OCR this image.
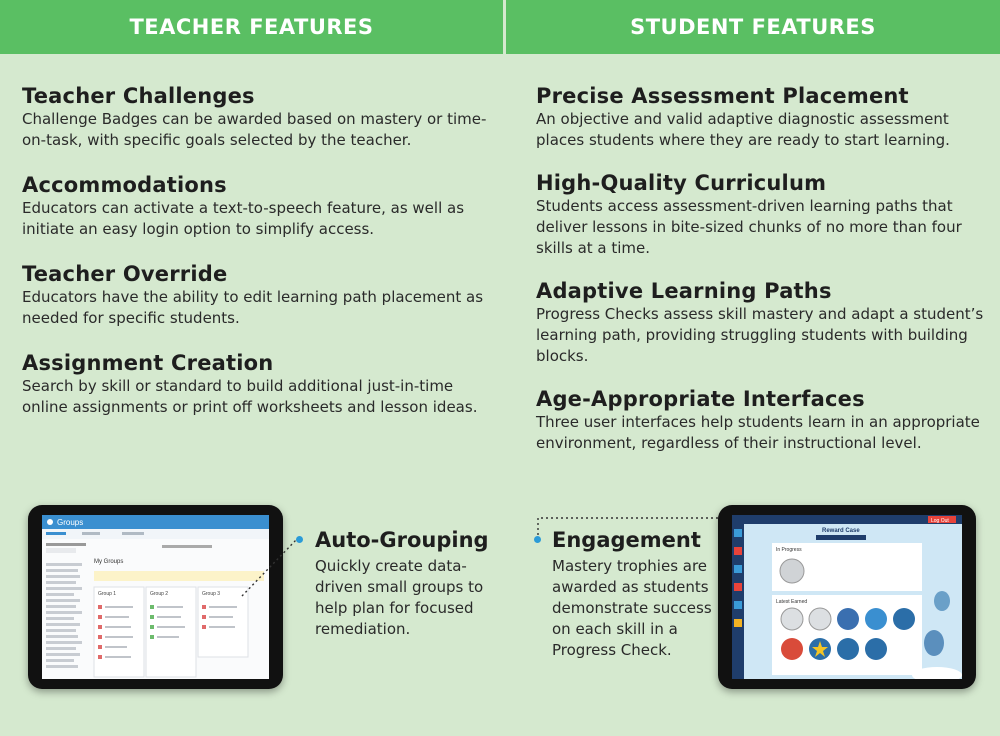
TEACHER FEATURES	STUDENT FEATURES
Teacher Challenges

Challenge Badges can be awarded based on mastery or time-on-task, with specific goals selected by the teacher.

Accommodations

Educators can activate a text-to-speech feature, as well as initiate an easy login option to simplify access.

Teacher Override

Educators have the ability to edit learning path placement as needed for specific students.

Assignment Creation

Search by skill or standard to build additional just-in-time online assignments or print off worksheets and lesson ideas.

Precise Assessment Placement

An objective and valid adaptive diagnostic assessment places students where they are ready to start learning.

High-Quality Curriculum

Students access assessment-driven learning paths that deliver lessons in bite-sized chunks of no more than four skills at a time.

Adaptive Learning Paths

Progress Checks assess skill mastery and adapt a student’s learning path, providing struggling students with building blocks.

Age-Appropriate Interfaces

Three user interfaces help students learn in an appropriate environment, regardless of their instructional level.

Groups
My Groups
Group 1	Group 2	Group 3
Auto-Grouping

Quickly create data-driven small groups to help plan for focused remediation.

Engagement

Mastery trophies are awarded as students demonstrate success on each skill in a Progress Check.

Log Out
Reward Case
In Progress
Latest Earned
